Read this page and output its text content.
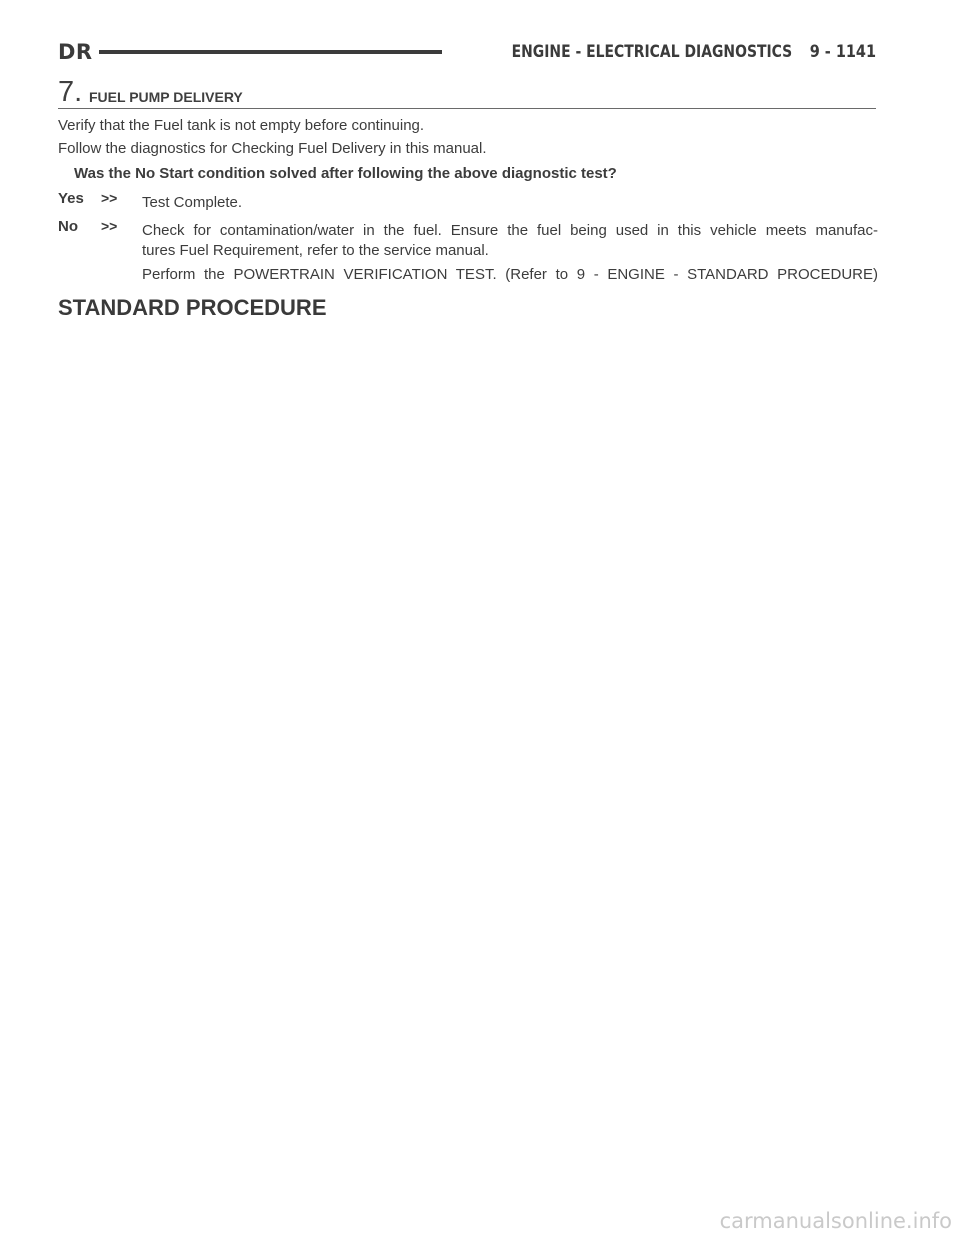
DR	ENGINE - ELECTRICAL DIAGNOSTICS 9 - 1141
7. FUEL PUMP DELIVERY
Verify that the Fuel tank is not empty before continuing.
Follow the diagnostics for Checking Fuel Delivery in this manual.
Was the No Start condition solved after following the above diagnostic test?
Yes >> Test Complete.
No >> Check for contamination/water in the fuel. Ensure the fuel being used in this vehicle meets manufac-
tures Fuel Requirement, refer to the service manual.
Perform the POWERTRAIN VERIFICATION TEST. (Refer to 9 - ENGINE - STANDARD PROCEDURE)
STANDARD PROCEDURE
carmanualsonline.info
